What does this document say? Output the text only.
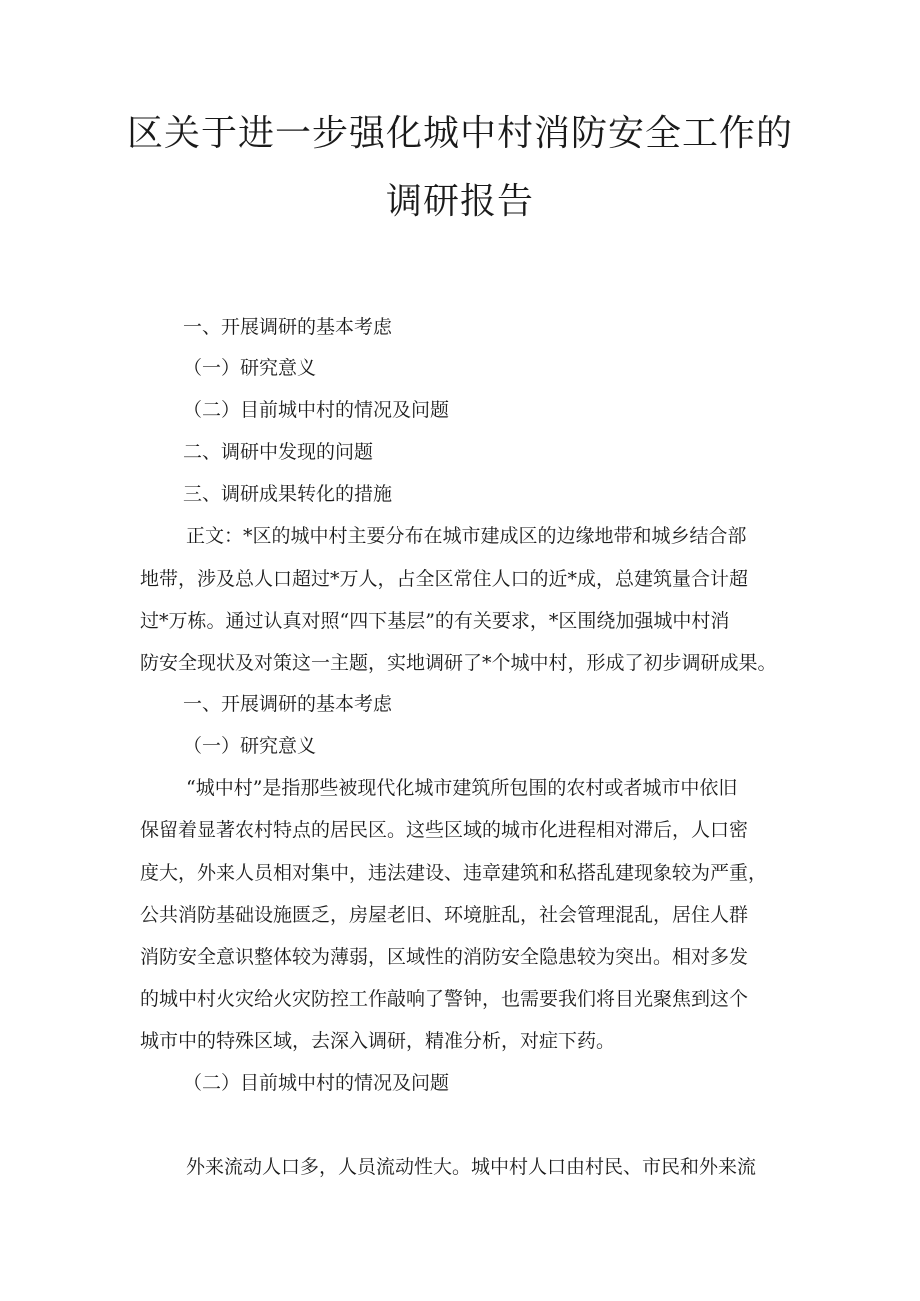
区关于进一步强化城中村消防安全工作的
调研报告
一、开展调研的基本考虑
（一）研究意义
（二）目前城中村的情况及问题
二、调研中发现的问题
三、调研成果转化的措施
正文：*区的城中村主要分布在城市建成区的边缘地带和城乡结合部
地带，涉及总人口超过*万人，占全区常住人口的近*成，总建筑量合计超
过*万栋。通过认真对照“四下基层”的有关要求，*区围绕加强城中村消
防安全现状及对策这一主题，实地调研了*个城中村，形成了初步调研成果。
一、开展调研的基本考虑
（一）研究意义
“城中村”是指那些被现代化城市建筑所包围的农村或者城市中依旧
保留着显著农村特点的居民区。这些区域的城市化进程相对滞后，人口密
度大，外来人员相对集中，违法建设、违章建筑和私搭乱建现象较为严重，
公共消防基础设施匮乏，房屋老旧、环境脏乱，社会管理混乱，居住人群
消防安全意识整体较为薄弱，区域性的消防安全隐患较为突出。相对多发
的城中村火灾给火灾防控工作敲响了警钟，也需要我们将目光聚焦到这个
城市中的特殊区域，去深入调研，精准分析，对症下药。
（二）目前城中村的情况及问题
外来流动人口多，人员流动性大。城中村人口由村民、市民和外来流
